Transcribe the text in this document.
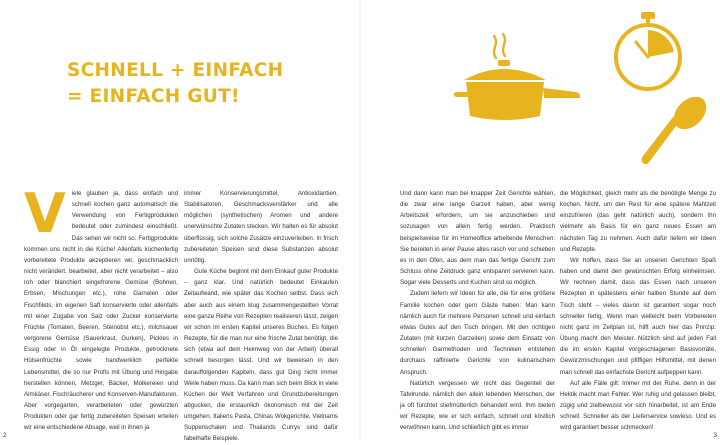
SCHNELL + EINFACH
= EINFACH GUT!

Viele glauben ja, dass einfach und schnell kochen ganz automatisch die Verwendung von Fertigprodukten bedeutet oder zumindest einschließt. Das sehen wir nicht so: Fertigprodukte kommen uns nicht in die Küche! Allenfalls küchenfertig vorbereitete Produkte akzeptieren wir, geschmacklich nicht verändert, bearbeitet, aber nicht verarbeitet – also roh oder blanchiert eingefrorene Gemüse (Bohnen, Erbsen, Mischungen etc.), rohe Garnelen oder Fischfilets, im eigenen Saft konservierte oder allenfalls mit einer Zugabe von Salz oder Zucker konservierte Früchte (Tomaten, Beeren, Steinobst etc.), milchsauer vergorene Gemüse (Sauerkraut, Gurken), Pickles in Essig oder in Öl eingelegte Produkte, getrocknete Hülsenfrüchte sowie handwerklich perfekte Lebensmittel, die so nur Profis mit Übung und Hingabe herstellen können, Metzger, Bäcker, Molkereien und Almkäser, Fischräucherer und Konserven-Manufakturen. Aber vorgegarten, verarbeiteten oder gewürzten Produkten oder gar fertig zubereiteten Speisen erteilen wir eine entschiedene Absage, weil in ihnen ja

immer Konservierungsmittel, Antioxidantien, Stabilisatoren, Geschmacksverstärker und alle möglichen (synthetischen) Aromen und andere unerwünschte Zutaten stecken. Wir halten es für absolut überflüssig, sich solche Zusätze einzuverleiben. In frisch zubereiteten Speisen sind diese Substanzen absolut unnötig.

Gute Küche beginnt mit dem Einkauf guter Produkte – ganz klar. Und natürlich bedeutet Einkaufen Zeitaufwand, wie später das Kochen selbst. Dass sich aber auch aus einem klug zusammengestellten Vorrat eine ganze Reihe von Rezepten realisieren lässt, zeigen wir schon im ersten Kapitel unseres Buches. Es folgen Rezepte, für die man nur eine frische Zutat benötigt, die sich (etwa auf dem Heimweg von der Arbeit) überall schnell besorgen lässt. Und wir beweisen in den darauffolgenden Kapiteln, dass gut Ding nicht immer Weile haben muss. Da kann man sich beim Blick in viele Küchen der Welt Verfahren und Grundzubereitungen abgucken, die erstaunlich ökonomisch mit der Zeit umgehen. Italiens Pasta, Chinas Wokgerichte, Vietnams Suppenschalen und Thailands Currys sind dafür fabelhafte Beispiele.

2

Und dann kann man bei knapper Zeit Gerichte wählen, die zwar eine lange Garzeit haben, aber wenig Arbeitszeit erfordern, um sie anzuschieben und sozusagen von allein fertig werden. Praktisch beispielsweise für im Homeoffice arbeitende Menschen: Sie bereiten in einer Pause alles rasch vor und schieben es in den Ofen, aus dem man das fertige Gericht zum Schluss ohne Zeitdruck ganz entspannt servieren kann. Sogar viele Desserts und Kuchen sind so möglich.

Zudem liefern wir Ideen für alle, die für eine größere Familie kochen oder gern Gäste haben: Man kann nämlich auch für mehrere Personen schnell und einfach etwas Gutes auf den Tisch bringen. Mit den richtigen Zutaten (mit kurzen Garzeiten) sowie dem Einsatz von schnellen Garmethoden und Techniken entstehen durchaus raffinierte Gerichte von kulinarischem Anspruch.

Natürlich vergessen wir nicht das Gegenteil der Tafelrunde, nämlich den allein lebenden Menschen, der ja oft fürchtet stiefmütterlich behandelt wird. Ihm bieten wir Rezepte, wie er sich einfach, schnell und köstlich verwöhnen kann. Und schließlich gibt es immer

die Möglichkeit, gleich mehr als die benötigte Menge zu kochen. Nicht, um den Rest für eine spätere Mahlzeit einzufrieren (das geht natürlich auch), sondern ihn vielmehr als Basis für ein ganz neues Essen am nächsten Tag zu nehmen. Auch dafür liefern wir Ideen und Rezepte.

Wir hoffen, dass Sie an unseren Gerichten Spaß haben und damit den gewünschten Erfolg einheimsen. Wir rechnen damit, dass das Essen nach unseren Rezepten in spätestens einer halben Stunde auf dem Tisch steht – vieles davon ist garantiert sogar noch schneller fertig. Wenn man vielleicht beim Vorbereiten nicht ganz im Zeitplan ist, hilft auch hier das Prinzip: Übung macht den Meister. Nützlich sind auf jeden Fall die im ersten Kapitel vorgeschlagenen Basisvorräte, Gewürzmischungen und pfiffigen Hilfsmittel, mit denen man schnell das einfachste Gericht aufpeppen kann.

Auf alle Fälle gilt: Immer mit der Ruhe, denn in der Hektik macht man Fehler. Wer ruhig und gelassen bleibt, zügig und zielbewusst vor sich hinarbeitet, ist am Ende schnell. Schneller als der Lieferservice sowieso. Und es wird garantiert besser schmecken!

3
